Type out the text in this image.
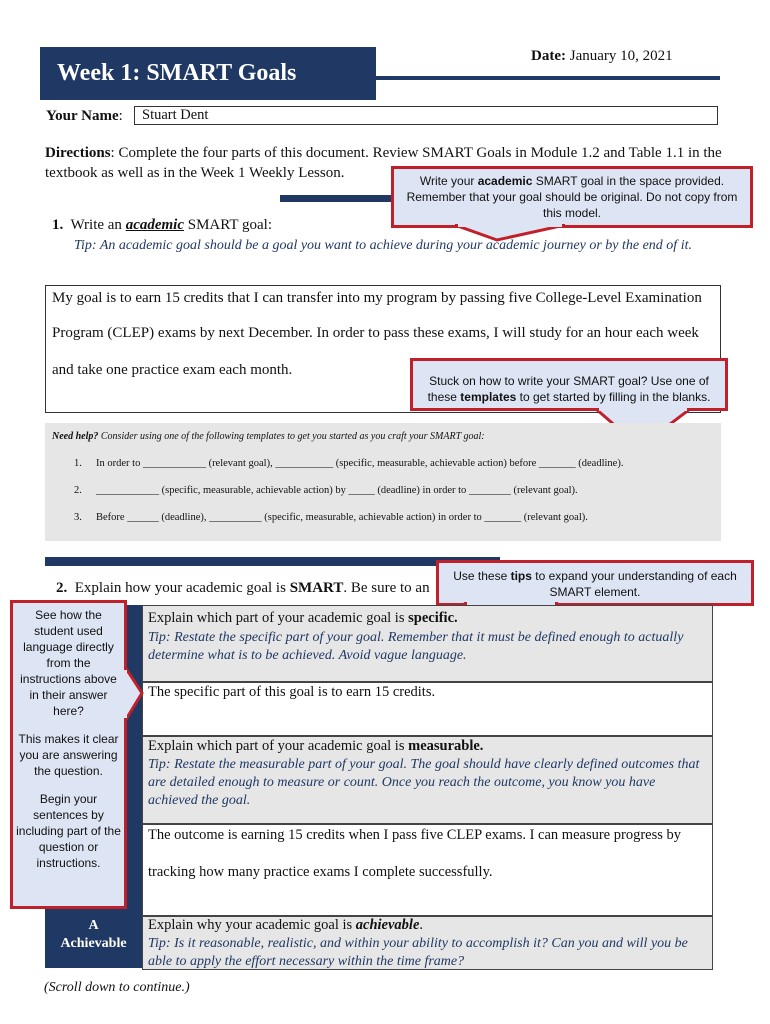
Week 1: SMART Goals
Date: January 10, 2021
Your Name:	Stuart Dent
Directions: Complete the four parts of this document. Review SMART Goals in Module 1.2 and Table 1.1 in the textbook as well as in the Week 1 Weekly Lesson.	Write your academic SMART goal in the space provided. Remember that your goal should be original. Do not copy from this model.
1. Write an academic SMART goal:
Tip: An academic goal should be a goal you want to achieve during your academic journey or by the end of it.
My goal is to earn 15 credits that I can transfer into my program by passing five College-Level Examination
Program (CLEP) exams by next December. In order to pass these exams, I will study for an hour each week
and take one practice exam each month.
Stuck on how to write your SMART goal? Use one of these templates to get started by filling in the blanks.
Need help? Consider using one of the following templates to get you started as you craft your SMART goal:
1. In order to ____________ (relevant goal), ___________ (specific, measurable, achievable action) before _______ (deadline).
2. ____________ (specific, measurable, achievable action) by _____ (deadline) in order to ________ (relevant goal).
3. Before ______ (deadline), __________ (specific, measurable, achievable action) in order to _______ (relevant goal).
2. Explain how your academic goal is SMART. Be sure to an
Use these tips to expand your understanding of each SMART element.
A
Achievable
Explain which part of your academic goal is specific.
Tip: Restate the specific part of your goal. Remember that it must be defined enough to actually determine what is to be achieved. Avoid vague language.
The specific part of this goal is to earn 15 credits.
Explain which part of your academic goal is measurable.
Tip: Restate the measurable part of your goal. The goal should have clearly defined outcomes that are detailed enough to measure or count. Once you reach the outcome, you know you have achieved the goal.
The outcome is earning 15 credits when I pass five CLEP exams. I can measure progress by
tracking how many practice exams I complete successfully.
Explain why your academic goal is achievable.
Tip: Is it reasonable, realistic, and within your ability to accomplish it? Can you and will you be able to apply the effort necessary within the time frame?
See how the student used language directly from the instructions above in their answer here?
This makes it clear you are answering the question.
Begin your sentences by including part of the question or instructions.
(Scroll down to continue.)
